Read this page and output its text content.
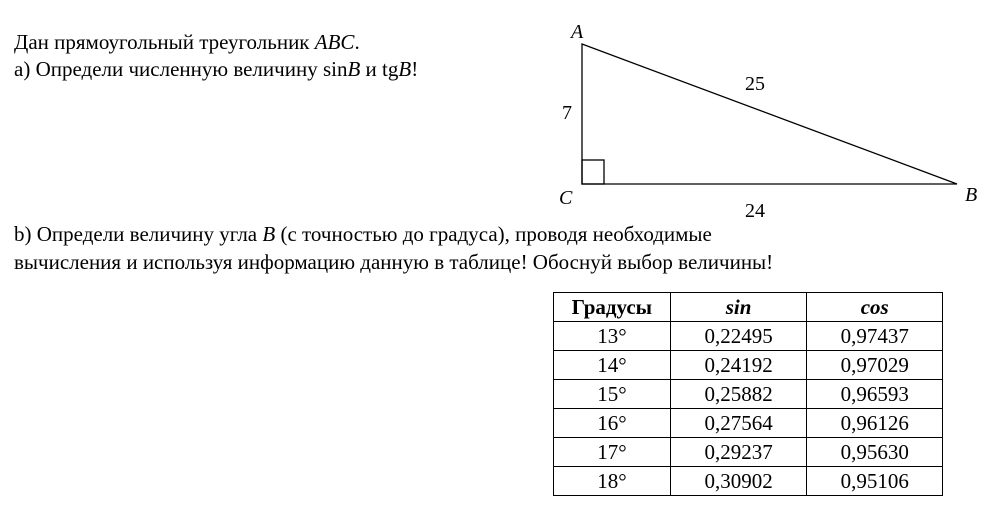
Дан прямоугольный треугольник ABC.
a) Определи численную величину sinB и tgB!
A
B
C
7
25
24
b) Определи величину угла B (с точностью до градуса), проводя необходимые
вычисления и используя информацию данную в таблице! Обоснуй выбор величины!
Градусы	sin	cos
13°	0,22495	0,97437
14°	0,24192	0,97029
15°	0,25882	0,96593
16°	0,27564	0,96126
17°	0,29237	0,95630
18°	0,30902	0,95106
